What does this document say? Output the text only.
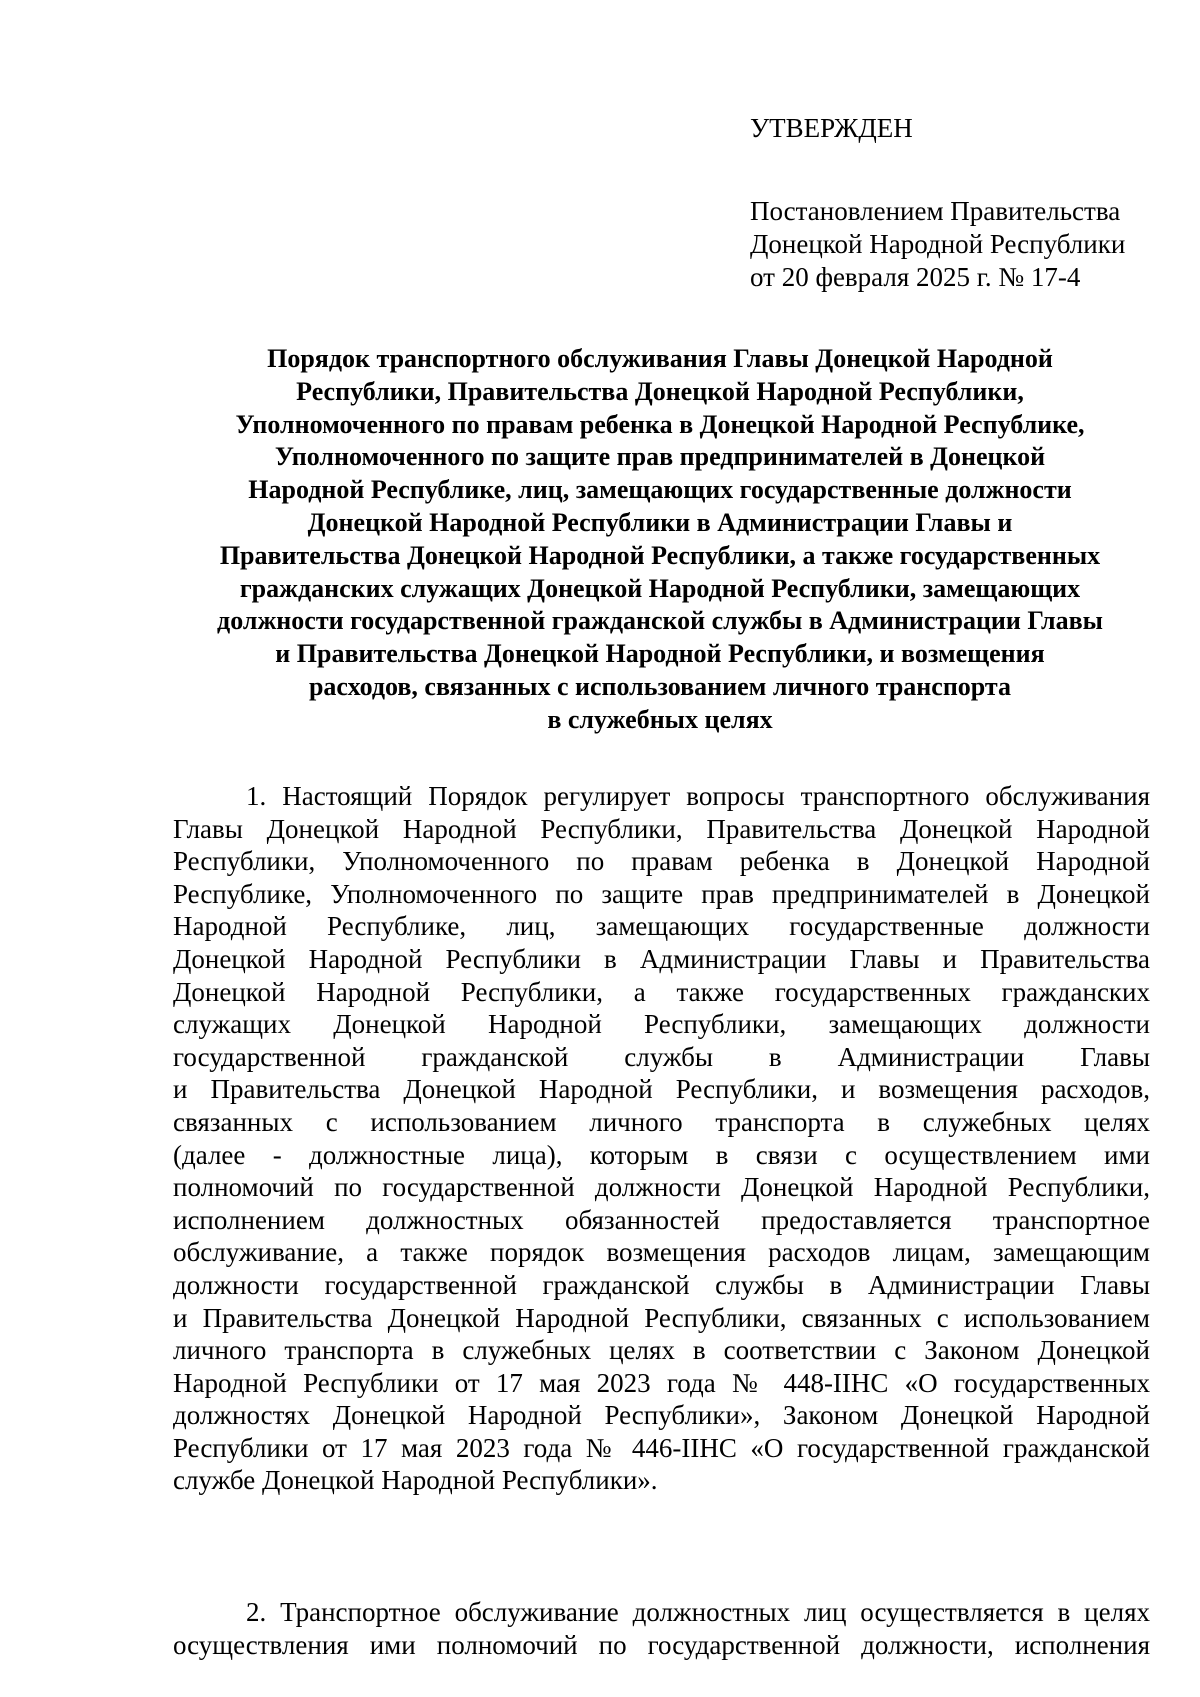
УТВЕРЖДЕН
Постановлением Правительства
Донецкой Народной Республики
от 20 февраля 2025 г. № 17-4
Порядок транспортного обслуживания Главы Донецкой Народной
Республики, Правительства Донецкой Народной Республики,
Уполномоченного по правам ребенка в Донецкой Народной Республике,
Уполномоченного по защите прав предпринимателей в Донецкой
Народной Республике, лиц, замещающих государственные должности
Донецкой Народной Республики в Администрации Главы и
Правительства Донецкой Народной Республики, а также государственных
гражданских служащих Донецкой Народной Республики, замещающих
должности государственной гражданской службы в Администрации Главы
и Правительства Донецкой Народной Республики, и возмещения
расходов, связанных с использованием личного транспорта
в служебных целях
1. Настоящий Порядок регулирует вопросы транспортного обслуживания
Главы Донецкой Народной Республики, Правительства Донецкой Народной
Республики, Уполномоченного по правам ребенка в Донецкой Народной
Республике, Уполномоченного по защите прав предпринимателей в Донецкой
Народной Республике, лиц, замещающих государственные должности
Донецкой Народной Республики в Администрации Главы и Правительства
Донецкой Народной Республики, а также государственных гражданских
служащих Донецкой Народной Республики, замещающих должности
государственной гражданской службы в Администрации Главы
и Правительства Донецкой Народной Республики, и возмещения расходов,
связанных с использованием личного транспорта в служебных целях
(далее - должностные лица), которым в связи с осуществлением ими
полномочий по государственной должности Донецкой Народной Республики,
исполнением должностных обязанностей предоставляется транспортное
обслуживание, а также порядок возмещения расходов лицам, замещающим
должности государственной гражданской службы в Администрации Главы
и Правительства Донецкой Народной Республики, связанных с использованием
личного транспорта в служебных целях в соответствии с Законом Донецкой
Народной Республики от 17 мая 2023 года № 448-IIНС «О государственных
должностях Донецкой Народной Республики», Законом Донецкой Народной
Республики от 17 мая 2023 года № 446-IIНС «О государственной гражданской
службе Донецкой Народной Республики».
2. Транспортное обслуживание должностных лиц осуществляется в целях
осуществления ими полномочий по государственной должности, исполнения
